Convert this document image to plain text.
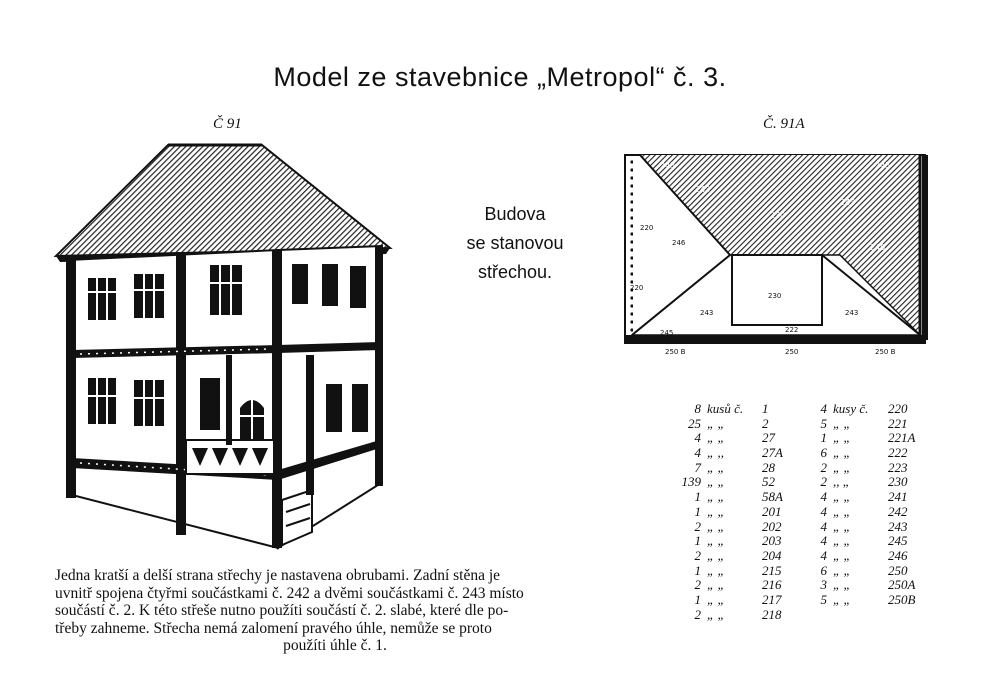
Model ze stavebnice „Metropol“ č. 3.
Č 91	Č. 91A
Budova
se stanovou
střechou.
243
243
245
243
230
246
220
246
230
243	243
245	222
250 B	250	250 B
220
8 kusů č.	1
25 „ „	2
4 „ „	27
4 „ ,,	27A
7 „ „	28
139 „ „	52
1 „ „	58A
1 „ „	201
2 „ „	202
1 „ „	203
2 „ „	204
1 „ „	215
2 „ „	216
1 „ „	217
2 „ „	218
4 kusy č.	220
5 „ „	221
1 „ „	221A
6 „ „	222
2 „ „	223
2 ,, „	230
4 „ „	241
4 „ „	242
4 „ „	243
4 „ „	245
4 „ „	246
6 „ „	250
3 „ „	250A
5 „ „	250B
Jedna kratší a delší strana střechy je nastavena obrubami. Zadní stěna je
uvnitř spojena čtyřmi součástkami č. 242 a dvěmi součástkami č. 243 místo
součástí č. 2. K této střeše nutno použíti součástí č. 2. slabé, které dle po-
třeby zahneme. Střecha nemá zalomení pravého úhle, nemůže se proto
použíti úhle č. 1.
